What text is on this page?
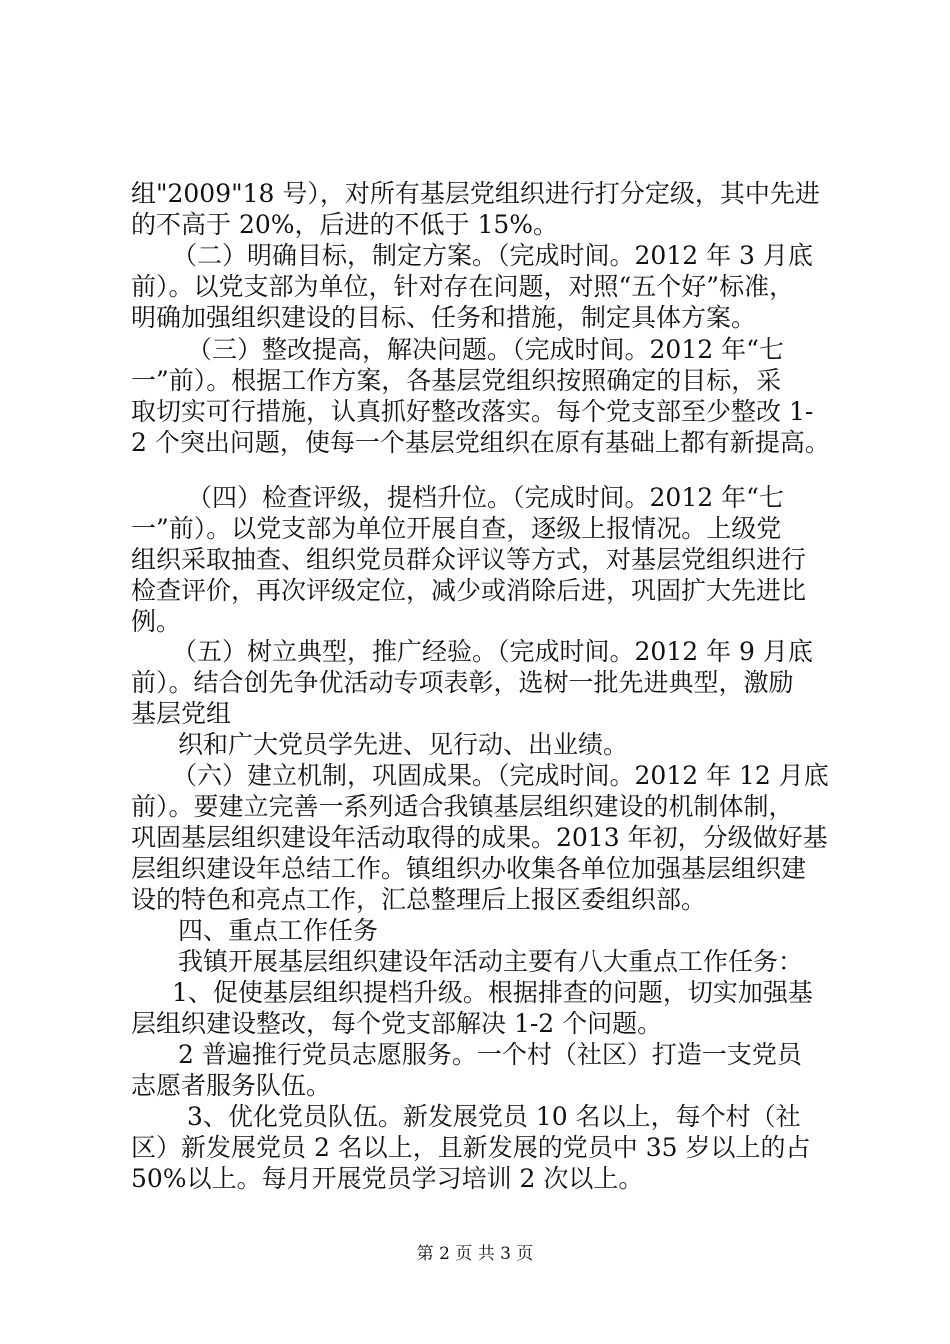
组"2009"18 号），对所有基层党组织进行打分定级，其中先进
的不高于 20%，后进的不低于 15%。
（二）明确目标，制定方案。（完成时间。2012 年 3 月底
前）。以党支部为单位，针对存在问题，对照“五个好”标准，
明确加强组织建设的目标、任务和措施，制定具体方案。
（三）整改提高，解决问题。（完成时间。2012 年“七
一”前）。根据工作方案，各基层党组织按照确定的目标，采
取切实可行措施，认真抓好整改落实。每个党支部至少整改 1-
2 个突出问题，使每一个基层党组织在原有基础上都有新提高。
（四）检查评级，提档升位。（完成时间。2012 年“七
一”前）。以党支部为单位开展自查，逐级上报情况。上级党
组织采取抽查、组织党员群众评议等方式，对基层党组织进行
检查评价，再次评级定位，减少或消除后进，巩固扩大先进比
例。
（五）树立典型，推广经验。（完成时间。2012 年 9 月底
前）。结合创先争优活动专项表彰，选树一批先进典型，激励
基层党组
织和广大党员学先进、见行动、出业绩。
（六）建立机制，巩固成果。（完成时间。2012 年 12 月底
前）。要建立完善一系列适合我镇基层组织建设的机制体制，
巩固基层组织建设年活动取得的成果。2013 年初，分级做好基
层组织建设年总结工作。镇组织办收集各单位加强基层组织建
设的特色和亮点工作，汇总整理后上报区委组织部。
四、重点工作任务
我镇开展基层组织建设年活动主要有八大重点工作任务：
1、促使基层组织提档升级。根据排查的问题，切实加强基
层组织建设整改，每个党支部解决 1-2 个问题。
2 普遍推行党员志愿服务。一个村（社区）打造一支党员
志愿者服务队伍。
3、优化党员队伍。新发展党员 10 名以上，每个村（社
区）新发展党员 2 名以上，且新发展的党员中 35 岁以上的占
50%以上。每月开展党员学习培训 2 次以上。
第 2 页 共 3 页
